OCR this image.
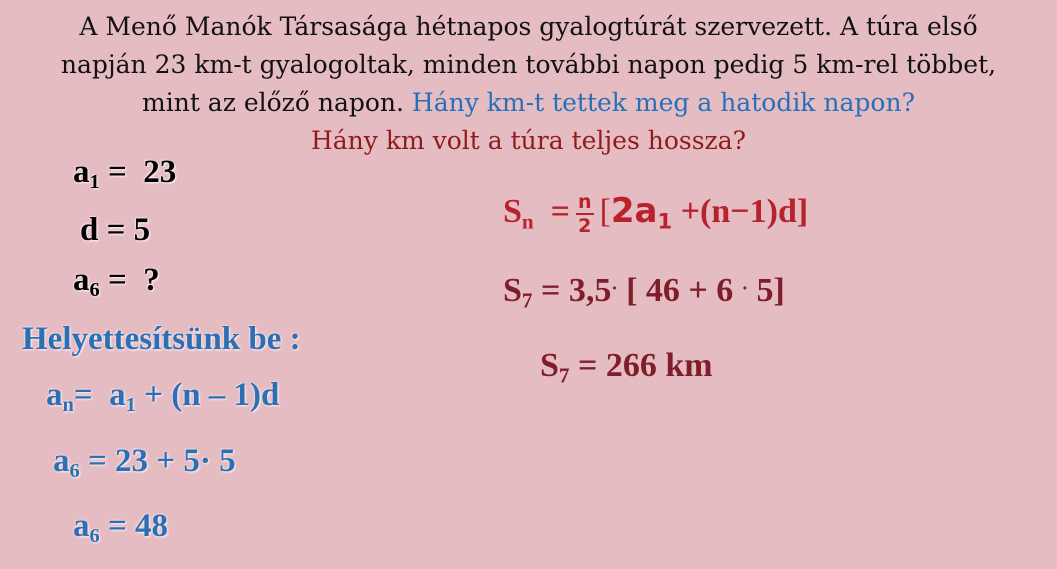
A Menő Manók Társasága hétnapos gyalogtúrát szervezett. A túra első
napján 23 km-t gyalogoltak, minden további napon pedig 5 km-rel többet,
mint az előző napon. Hány km-t tettek meg a hatodik napon?
Hány km volt a túra teljes hossza?
$a_1 = 23$
d = 5
$a_6$ =  ?
Helyettesítsünk be :
$a_n= a_1 + (n - 1)d$
$a_6 = 23 + 5\cdot 5$
$a_6 = 48$
$S_n = \frac{n}{2} [2a_1 +(n-1)d]$
$S_7 = 3,5\cdot$ [ 46 + 6 · 5]
$S_7 = 266$ km
